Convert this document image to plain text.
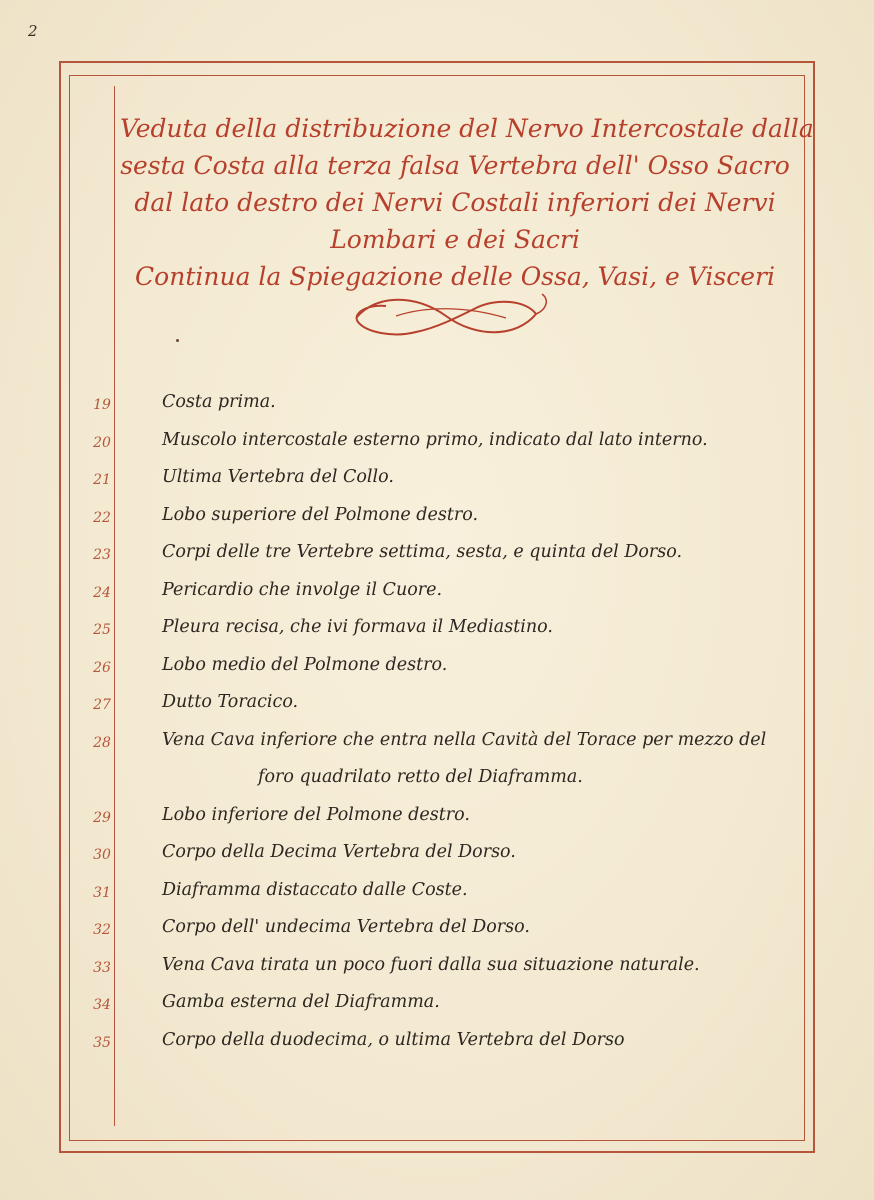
2
Veduta della distribuzione del Nervo Intercostale dalla
sesta Costa alla terza falsa Vertebra dell' Osso Sacro
dal lato destro dei Nervi Costali inferiori dei Nervi
Lombari e dei Sacri
Continua la Spiegazione delle Ossa, Vasi, e Visceri
19	Costa prima.
20	Muscolo intercostale esterno primo, indicato dal lato interno.
21	Ultima Vertebra del Collo.
22	Lobo superiore del Polmone destro.
23	Corpi delle tre Vertebre settima, sesta, e quinta del Dorso.
24	Pericardio che involge il Cuore.
25	Pleura recisa, che ivi formava il Mediastino.
26	Lobo medio del Polmone destro.
27	Dutto Toracico.
28	Vena Cava inferiore che entra nella Cavità del Torace per mezzo del
foro quadrilato retto del Diaframma.
29	Lobo inferiore del Polmone destro.
30	Corpo della Decima Vertebra del Dorso.
31	Diaframma distaccato dalle Coste.
32	Corpo dell' undecima Vertebra del Dorso.
33	Vena Cava tirata un poco fuori dalla sua situazione naturale.
34	Gamba esterna del Diaframma.
35	Corpo della duodecima, o ultima Vertebra del Dorso
